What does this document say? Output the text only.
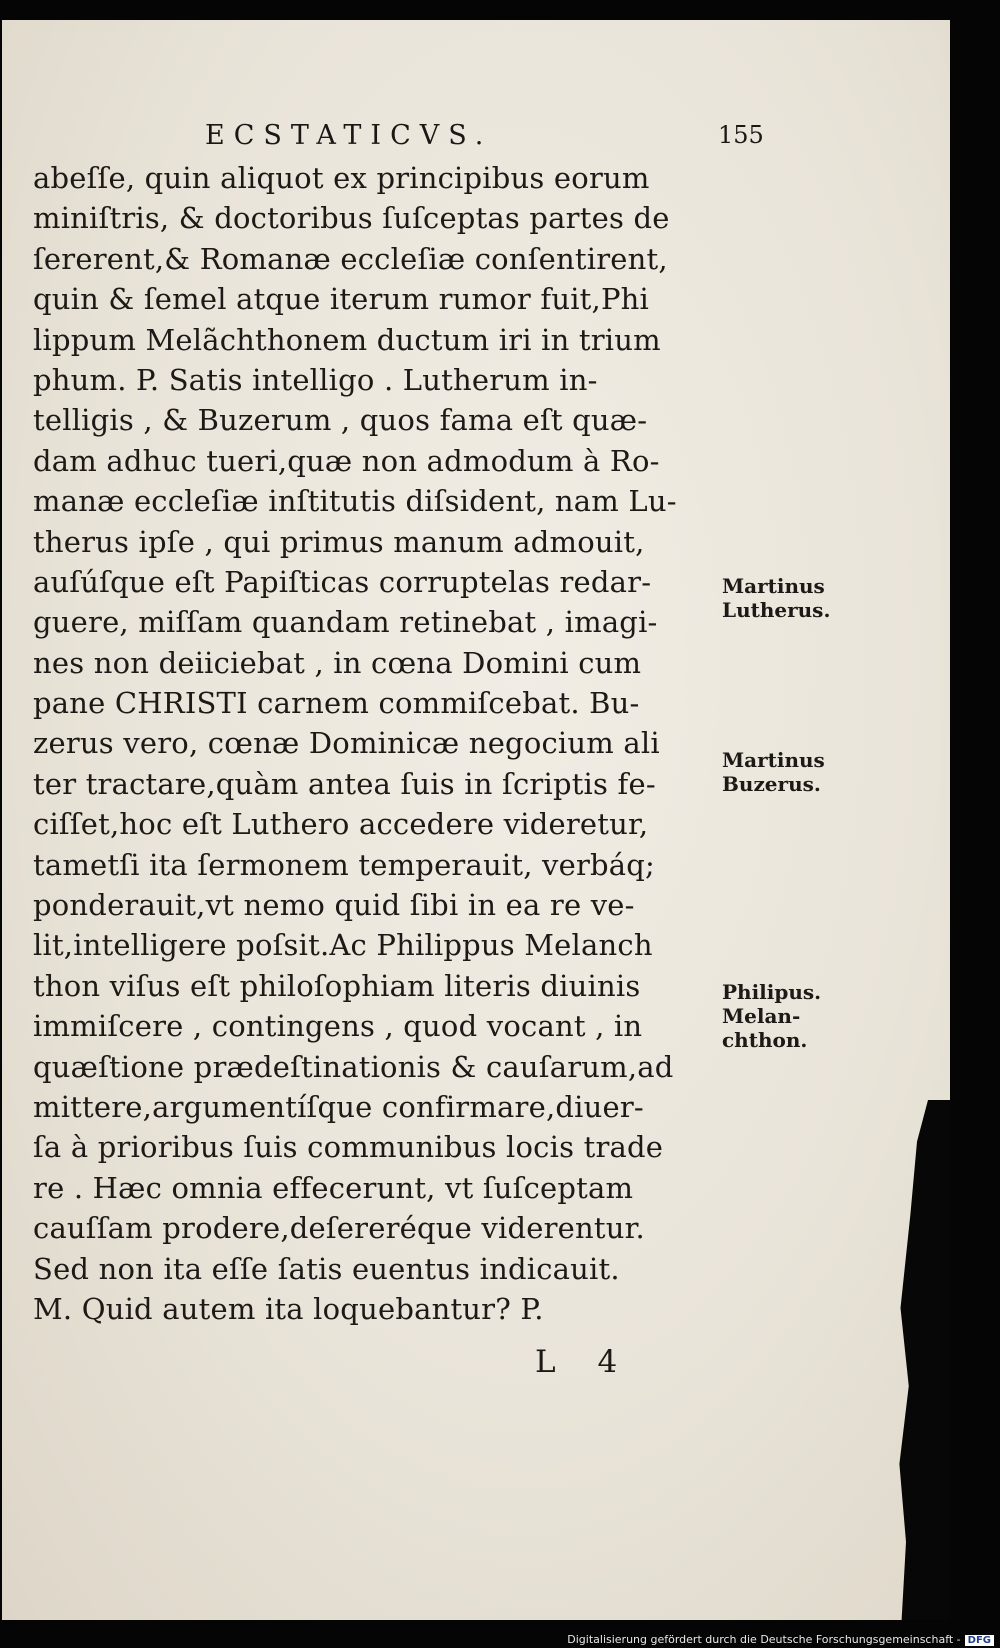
ECSTATICVS.	155
abeſſe, quin aliquot ex principibus eorum
miniſtris, & doctoribus ſuſceptas partes de
ſererent,& Romanæ eccleſiæ conſentirent,
quin & ſemel atque iterum rumor fuit,Phi
lippum Melãchthonem ductum iri in trium
phum. P. Satis intelligo . Lutherum in-
telligis , & Buzerum , quos fama eſt quæ-
dam adhuc tueri,quæ non admodum à Ro-
manæ eccleſiæ inſtitutis diſsident, nam Lu-
therus ipſe , qui primus manum admouit,
auſúſque eſt Papiſticas corruptelas redar-
guere, miſſam quandam retinebat , imagi-
nes non deiiciebat , in cœna Domini cum
pane CHRISTI carnem commiſcebat. Bu-
zerus vero, cœnæ Dominicæ negocium ali
ter tractare,quàm antea ſuis in ſcriptis fe-
ciſſet,hoc eſt Luthero accedere videretur,
tametſi ita ſermonem temperauit, verbáq;
ponderauit,vt nemo quid ſibi in ea re ve-
lit,intelligere poſsit.Ac Philippus Melanch
thon viſus eſt philoſophiam literis diuinis
immiſcere , contingens , quod vocant , in
quæſtione prædeſtinationis & cauſarum,ad
mittere,argumentíſque confirmare,diuer-
ſa à prioribus ſuis communibus locis trade
re . Hæc omnia effecerunt, vt ſuſceptam
cauſſam prodere,deſereréque viderentur.
Sed non ita eſſe ſatis euentus indicauit.
M. Quid autem ita loquebantur? P.
Martinus
Lutherus.
Martinus
Buzerus.
Philipus.
Melan-
chthon.
L 4
Digitalisierung gefördert durch die Deutsche Forschungsgemeinschaft - DFG
